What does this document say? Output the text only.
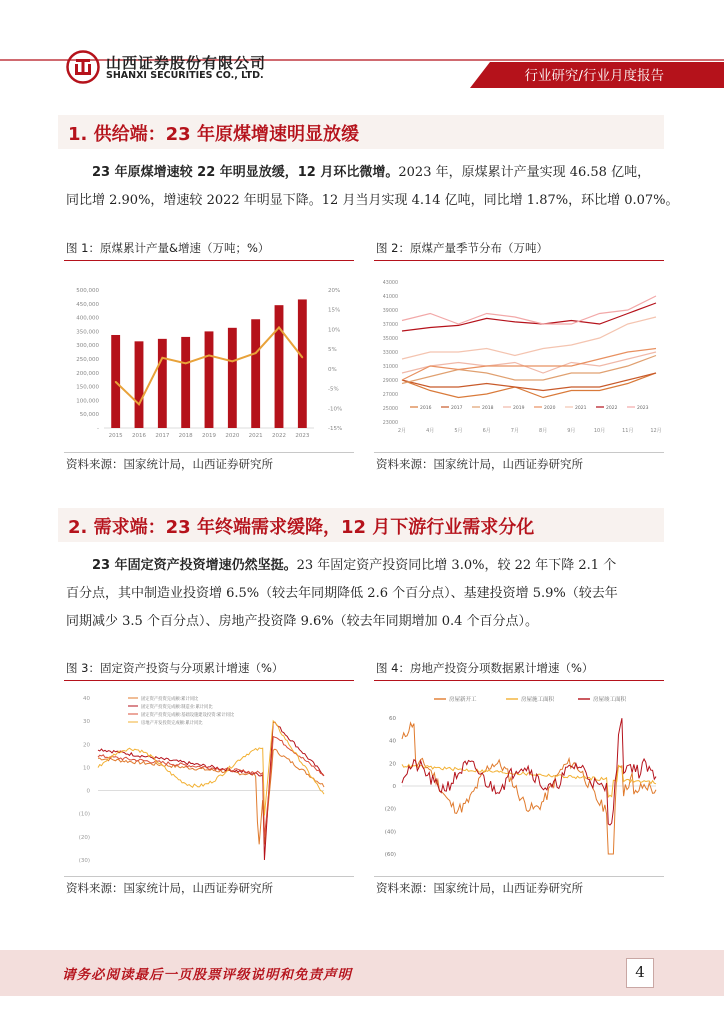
山西证券股份有限公司
SHANXI SECURITIES CO., LTD.	行业研究/行业月度报告
1. 供给端：23 年原煤增速明显放缓
23 年原煤增速较 22 年明显放缓，12 月环比微增。2023 年，原煤累计产量实现 46.58 亿吨，
同比增 2.90%，增速较 2022 年明显下降。12 月当月实现 4.14 亿吨，同比增 1.87%，环比增 0.07%。
图 1：原煤累计产量&增速（万吨；%）
-
50,000
100,000
150,000
200,000
250,000
300,000
350,000
400,000
450,000
500,000
-15%
-10%
-5%
0%
5%
10%
15%
20%
2015 2016 2017 2018 2019 2020 2021 2022 2023
资料来源：国家统计局，山西证券研究所
图 2：原煤产量季节分布（万吨）
23000
25000
27000
29000
31000
33000
35000
37000
39000
41000
43000
2月	4月	5月	6月	7月	8月	9月	10月	11月	12月
2016	2017	2018	2019	2020	2021	2022	2023
资料来源：国家统计局，山西证券研究所
2. 需求端：23 年终端需求缓降，12 月下游行业需求分化
23 年固定资产投资增速仍然坚挺。23 年固定资产投资同比增 3.0%，较 22 年下降 2.1 个
百分点，其中制造业投资增 6.5%（较去年同期降低 2.6 个百分点）、基建投资增 5.9%（较去年
同期减少 3.5 个百分点）、房地产投资降 9.6%（较去年同期增加 0.4 个百分点）。
图 3：固定资产投资与分项累计增速（%）
40
30
20
10
0
(10)
(20)
(30)
固定资产投资完成额:累计同比
固定资产投资完成额:制造业:累计同比
固定资产投资完成额:基础设施建设投资:累计同比
房地产开发投资完成额:累计同比
资料来源：国家统计局，山西证券研究所
图 4：房地产投资分项数据累计增速（%）
60
40
20
0
(20)
(40)
(60)
房屋新开工	房屋施工面积	房屋竣工面积
资料来源：国家统计局，山西证券研究所
请务必阅读最后一页股票评级说明和免责声明	4
